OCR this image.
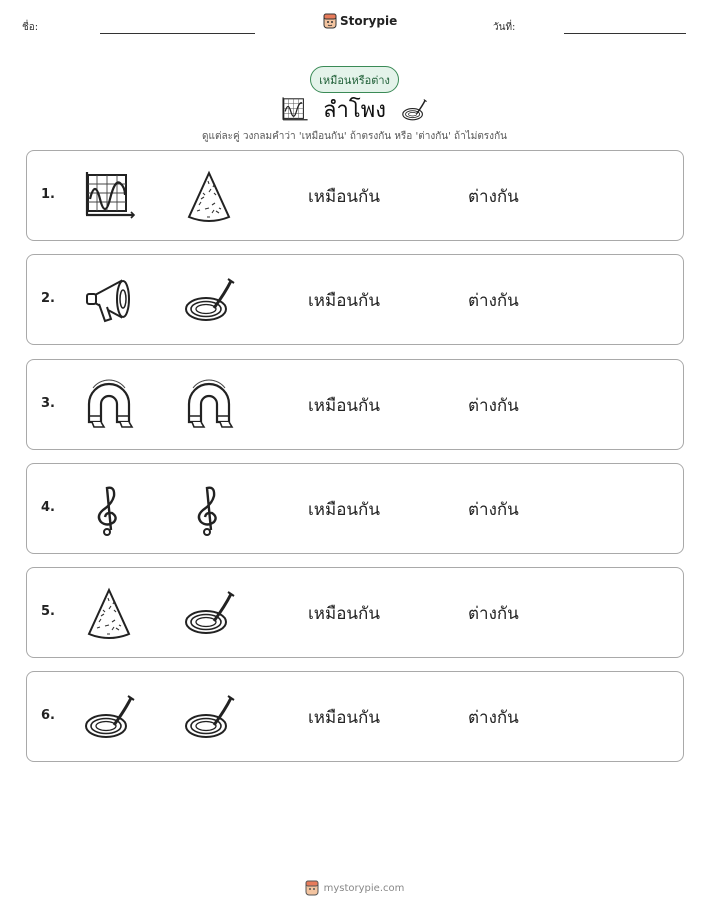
ชื่อ:	Storypie	วันที่:
เหมือนหรือต่าง
ลำโพง
ดูแต่ละคู่ วงกลมคำว่า 'เหมือนกัน' ถ้าตรงกัน หรือ 'ต่างกัน' ถ้าไม่ตรงกัน
1.	เหมือนกัน	ต่างกัน
2.	เหมือนกัน	ต่างกัน
3.	เหมือนกัน	ต่างกัน
4.	เหมือนกัน	ต่างกัน
5.	เหมือนกัน	ต่างกัน
6.	เหมือนกัน	ต่างกัน
mystorypie.com
